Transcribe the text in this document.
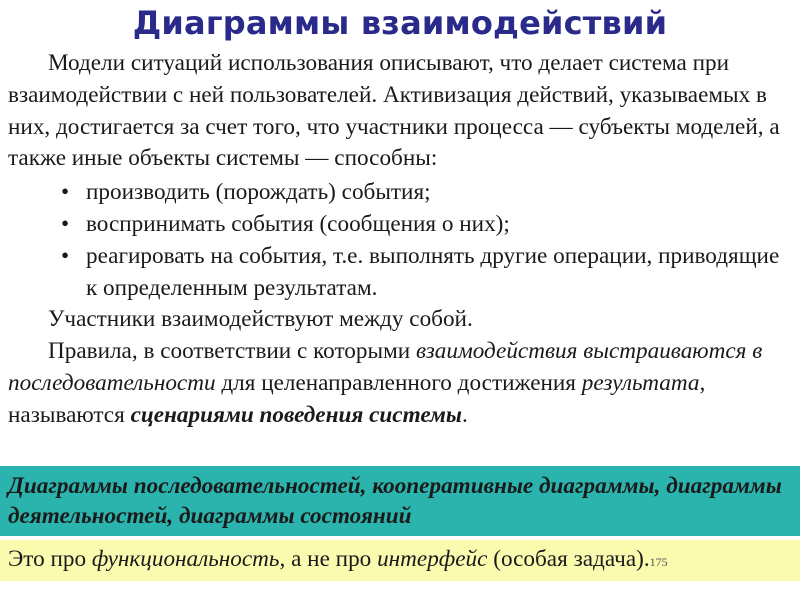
Диаграммы взаимодействий

Модели ситуаций использования описывают, что делает система при взаимодействии с ней пользователей. Активизация действий, указываемых в них, достигается за счет того, что участники процесса — субъекты моделей, а также иные объекты системы — способны:

• производить (порождать) события;
• воспринимать события (сообщения о них);
• реагировать на события, т.е. выполнять другие операции, приводящие к определенным результатам.

Участники взаимодействуют между собой.

Правила, в соответствии с которыми взаимодействия выстраиваются в последовательности для целенаправленного достижения результата, называются сценариями поведения системы.

Диаграммы последовательностей, кооперативные диаграммы, диаграммы деятельностей, диаграммы состояний
Это про функциональность, а не про интерфейс (особая задача).175
